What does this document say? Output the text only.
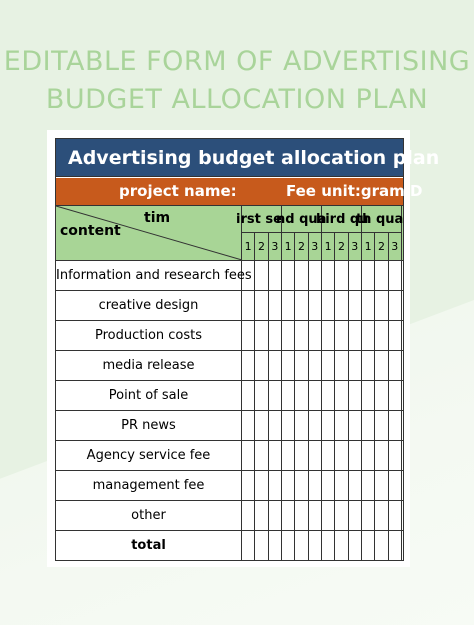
EDITABLE FORM OF ADVERTISING
BUDGET ALLOCATION PLAN
Advertising budget allocation plan
project name:	Fee unit:gram D
tim
content
irst se
1 2 3
nd qua
1 2 3
hird qu
1 2 3
th qua
1 2 3
Information and research fees
creative design
Production costs
media release
Point of sale
PR news
Agency service fee
management fee
other
total
